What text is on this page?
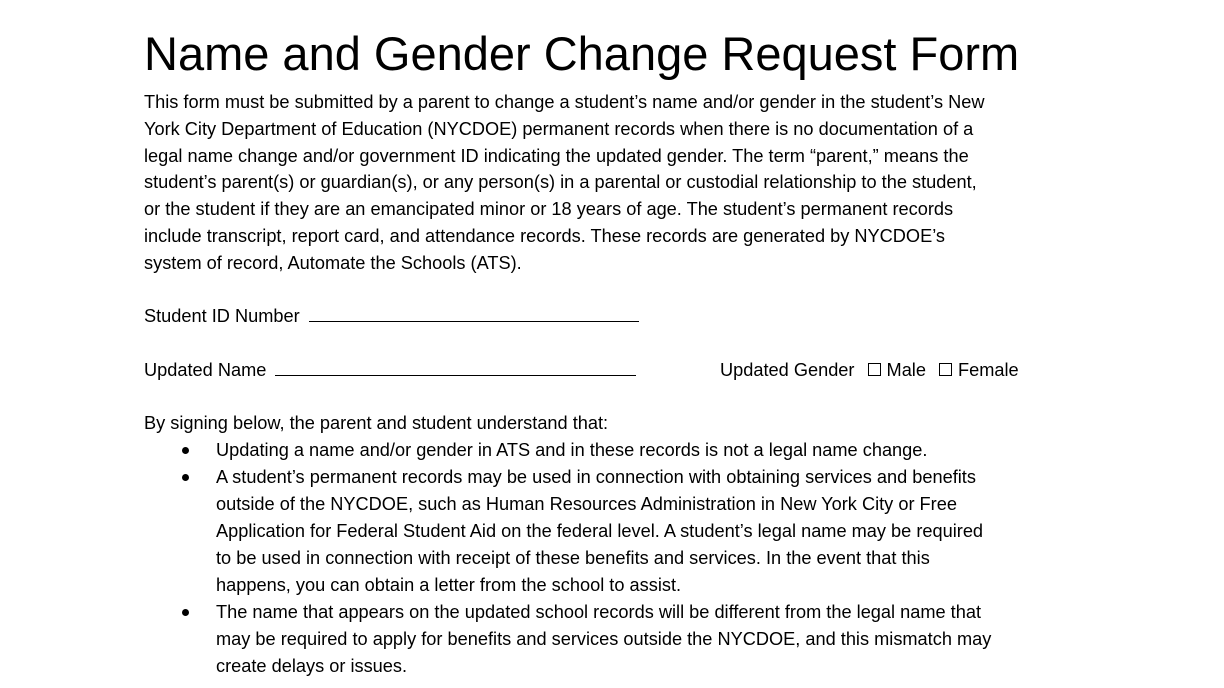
Name and Gender Change Request Form
This form must be submitted by a parent to change a student’s name and/or gender in the student’s New
York City Department of Education (NYCDOE) permanent records when there is no documentation of a
legal name change and/or government ID indicating the updated gender. The term “parent,” means the
student’s parent(s) or guardian(s), or any person(s) in a parental or custodial relationship to the student,
or the student if they are an emancipated minor or 18 years of age. The student’s permanent records
include transcript, report card, and attendance records. These records are generated by NYCDOE’s
system of record, Automate the Schools (ATS).
Student ID Number
Updated Name	Updated Gender Male Female
By signing below, the parent and student understand that:
Updating a name and/or gender in ATS and in these records is not a legal name change.
A student’s permanent records may be used in connection with obtaining services and benefits
outside of the NYCDOE, such as Human Resources Administration in New York City or Free
Application for Federal Student Aid on the federal level. A student’s legal name may be required
to be used in connection with receipt of these benefits and services. In the event that this
happens, you can obtain a letter from the school to assist.
The name that appears on the updated school records will be different from the legal name that
may be required to apply for benefits and services outside the NYCDOE, and this mismatch may
create delays or issues.
